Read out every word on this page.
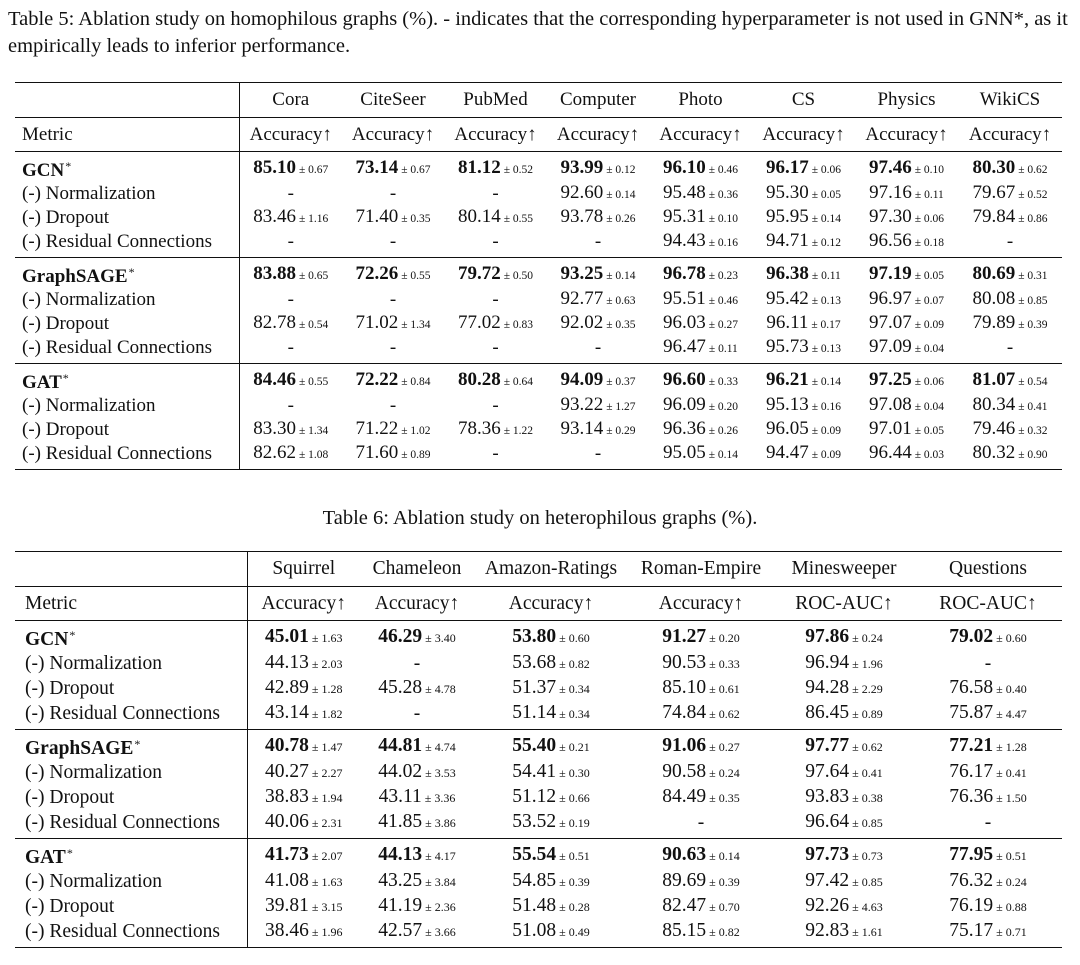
Table 5: Ablation study on homophilous graphs (%). - indicates that the corresponding hyperparameter is not used in GNN*, as it empirically leads to inferior performance.
	Cora	CiteSeer	PubMed	Computer	Photo	CS	Physics	WikiCS
Metric	Accuracy↑	Accuracy↑	Accuracy↑	Accuracy↑	Accuracy↑	Accuracy↑	Accuracy↑	Accuracy↑
GCN*	85.10 ± 0.67	73.14 ± 0.67	81.12 ± 0.52	93.99 ± 0.12	96.10 ± 0.46	96.17 ± 0.06	97.46 ± 0.10	80.30 ± 0.62
(-) Normalization	-	-	-	92.60 ± 0.14	95.48 ± 0.36	95.30 ± 0.05	97.16 ± 0.11	79.67 ± 0.52
(-) Dropout	83.46 ± 1.16	71.40 ± 0.35	80.14 ± 0.55	93.78 ± 0.26	95.31 ± 0.10	95.95 ± 0.14	97.30 ± 0.06	79.84 ± 0.86
(-) Residual Connections	-	-	-	-	94.43 ± 0.16	94.71 ± 0.12	96.56 ± 0.18	-
GraphSAGE*	83.88 ± 0.65	72.26 ± 0.55	79.72 ± 0.50	93.25 ± 0.14	96.78 ± 0.23	96.38 ± 0.11	97.19 ± 0.05	80.69 ± 0.31
(-) Normalization	-	-	-	92.77 ± 0.63	95.51 ± 0.46	95.42 ± 0.13	96.97 ± 0.07	80.08 ± 0.85
(-) Dropout	82.78 ± 0.54	71.02 ± 1.34	77.02 ± 0.83	92.02 ± 0.35	96.03 ± 0.27	96.11 ± 0.17	97.07 ± 0.09	79.89 ± 0.39
(-) Residual Connections	-	-	-	-	96.47 ± 0.11	95.73 ± 0.13	97.09 ± 0.04	-
GAT*	84.46 ± 0.55	72.22 ± 0.84	80.28 ± 0.64	94.09 ± 0.37	96.60 ± 0.33	96.21 ± 0.14	97.25 ± 0.06	81.07 ± 0.54
(-) Normalization	-	-	-	93.22 ± 1.27	96.09 ± 0.20	95.13 ± 0.16	97.08 ± 0.04	80.34 ± 0.41
(-) Dropout	83.30 ± 1.34	71.22 ± 1.02	78.36 ± 1.22	93.14 ± 0.29	96.36 ± 0.26	96.05 ± 0.09	97.01 ± 0.05	79.46 ± 0.32
(-) Residual Connections	82.62 ± 1.08	71.60 ± 0.89	-	-	95.05 ± 0.14	94.47 ± 0.09	96.44 ± 0.03	80.32 ± 0.90
Table 6: Ablation study on heterophilous graphs (%).
	Squirrel	Chameleon	Amazon-Ratings	Roman-Empire	Minesweeper	Questions
Metric	Accuracy↑	Accuracy↑	Accuracy↑	Accuracy↑	ROC-AUC↑	ROC-AUC↑
GCN*	45.01 ± 1.63	46.29 ± 3.40	53.80 ± 0.60	91.27 ± 0.20	97.86 ± 0.24	79.02 ± 0.60
(-) Normalization	44.13 ± 2.03	-	53.68 ± 0.82	90.53 ± 0.33	96.94 ± 1.96	-
(-) Dropout	42.89 ± 1.28	45.28 ± 4.78	51.37 ± 0.34	85.10 ± 0.61	94.28 ± 2.29	76.58 ± 0.40
(-) Residual Connections	43.14 ± 1.82	-	51.14 ± 0.34	74.84 ± 0.62	86.45 ± 0.89	75.87 ± 4.47
GraphSAGE*	40.78 ± 1.47	44.81 ± 4.74	55.40 ± 0.21	91.06 ± 0.27	97.77 ± 0.62	77.21 ± 1.28
(-) Normalization	40.27 ± 2.27	44.02 ± 3.53	54.41 ± 0.30	90.58 ± 0.24	97.64 ± 0.41	76.17 ± 0.41
(-) Dropout	38.83 ± 1.94	43.11 ± 3.36	51.12 ± 0.66	84.49 ± 0.35	93.83 ± 0.38	76.36 ± 1.50
(-) Residual Connections	40.06 ± 2.31	41.85 ± 3.86	53.52 ± 0.19	-	96.64 ± 0.85	-
GAT*	41.73 ± 2.07	44.13 ± 4.17	55.54 ± 0.51	90.63 ± 0.14	97.73 ± 0.73	77.95 ± 0.51
(-) Normalization	41.08 ± 1.63	43.25 ± 3.84	54.85 ± 0.39	89.69 ± 0.39	97.42 ± 0.85	76.32 ± 0.24
(-) Dropout	39.81 ± 3.15	41.19 ± 2.36	51.48 ± 0.28	82.47 ± 0.70	92.26 ± 4.63	76.19 ± 0.88
(-) Residual Connections	38.46 ± 1.96	42.57 ± 3.66	51.08 ± 0.49	85.15 ± 0.82	92.83 ± 1.61	75.17 ± 0.71
